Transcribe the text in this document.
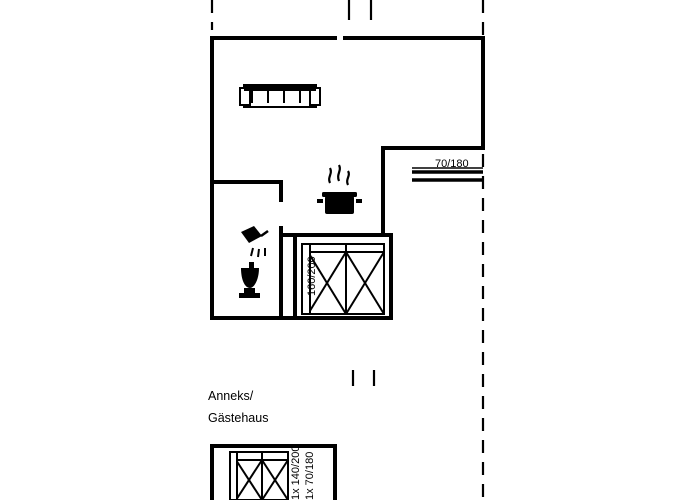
70/180
160/200
Anneks/
Gästehaus
1x 140/200 1x 70/180
